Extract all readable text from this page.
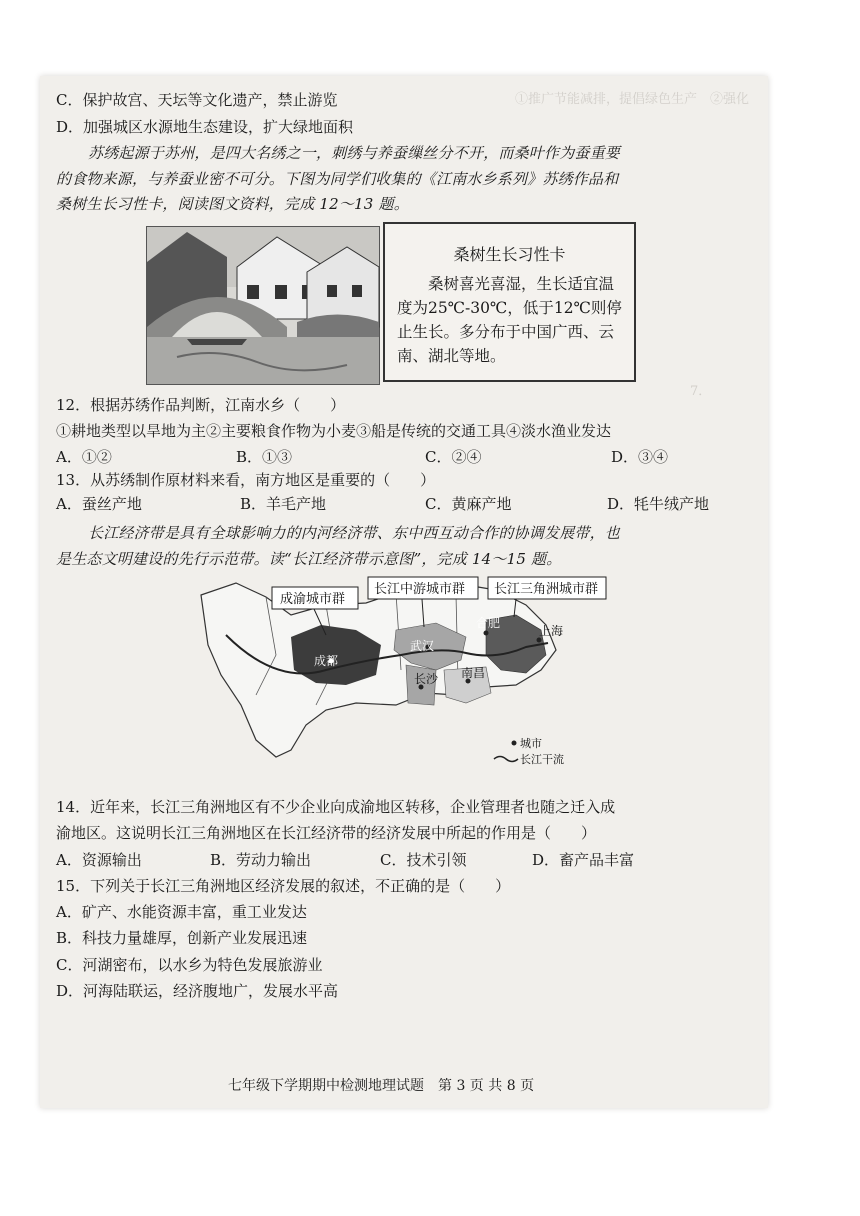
①推广节能减排，提倡绿色生产　②强化
7．
C．保护故宫、天坛等文化遗产，禁止游览
D．加强城区水源地生态建设，扩大绿地面积
苏绣起源于苏州，是四大名绣之一，刺绣与养蚕缫丝分不开，而桑叶作为蚕重要
的食物来源，与养蚕业密不可分。下图为同学们收集的《江南水乡系列》苏绣作品和
桑树生长习性卡，阅读图文资料，完成 12～13 题。
桑树生长习性卡
桑树喜光喜湿，生长适宜温度为25℃-30℃，低于12℃则停止生长。多分布于中国广西、云南、湖北等地。
12．根据苏绣作品判断，江南水乡（　　）
①耕地类型以旱地为主②主要粮食作物为小麦③船是传统的交通工具④淡水渔业发达
A．①②	B．①③	C．②④	D．③④
13．从苏绣制作原材料来看，南方地区是重要的（　　）
A．蚕丝产地	B．羊毛产地	C．黄麻产地	D．牦牛绒产地
长江经济带是具有全球影响力的内河经济带、东中西互动合作的协调发展带，也
是生态文明建设的先行示范带。读“长江经济带示意图”，完成 14～15 题。
成都
武汉
合肥
上海
长沙 南昌
成渝城市群
长江中游城市群 长江三角洲城市群
城市
长江干流
14．近年来，长江三角洲地区有不少企业向成渝地区转移，企业管理者也随之迁入成
渝地区。这说明长江三角洲地区在长江经济带的经济发展中所起的作用是（　　）
A．资源输出	B．劳动力输出	C．技术引领	D．畜产品丰富
15．下列关于长江三角洲地区经济发展的叙述，不正确的是（　　）
A．矿产、水能资源丰富，重工业发达
B．科技力量雄厚，创新产业发展迅速
C．河湖密布，以水乡为特色发展旅游业
D．河海陆联运，经济腹地广，发展水平高
七年级下学期期中检测地理试题　第 3 页 共 8 页
